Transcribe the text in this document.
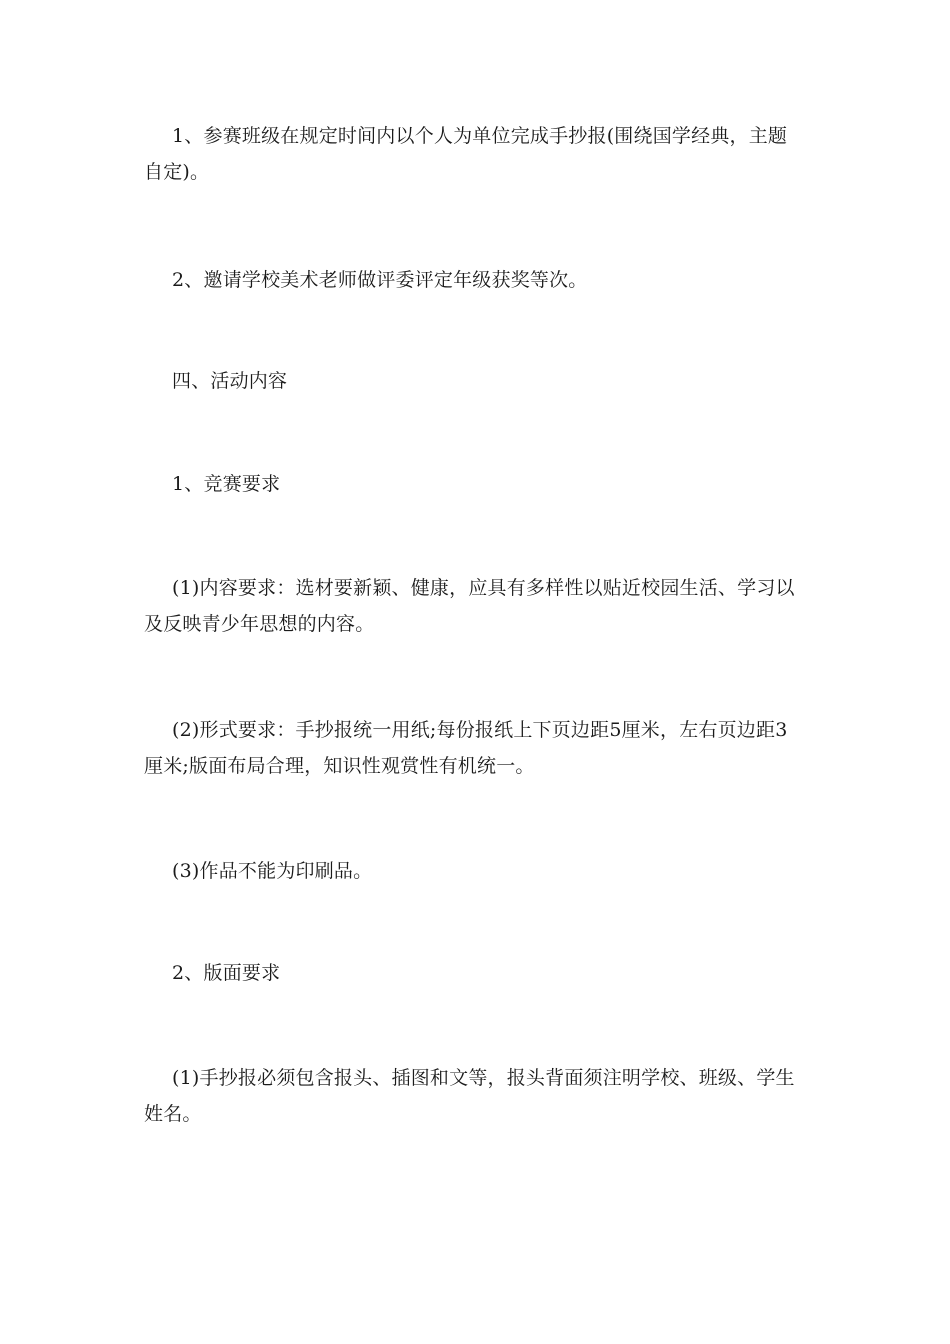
1、参赛班级在规定时间内以个人为单位完成手抄报(围绕国学经典，主题自定)。

2、邀请学校美术老师做评委评定年级获奖等次。

四、活动内容

1、竞赛要求

(1)内容要求：选材要新颖、健康，应具有多样性以贴近校园生活、学习以及反映青少年思想的内容。

(2)形式要求：手抄报统一用纸;每份报纸上下页边距5厘米，左右页边距3厘米;版面布局合理，知识性观赏性有机统一。

(3)作品不能为印刷品。

2、版面要求

(1)手抄报必须包含报头、插图和文等，报头背面须注明学校、班级、学生姓名。
